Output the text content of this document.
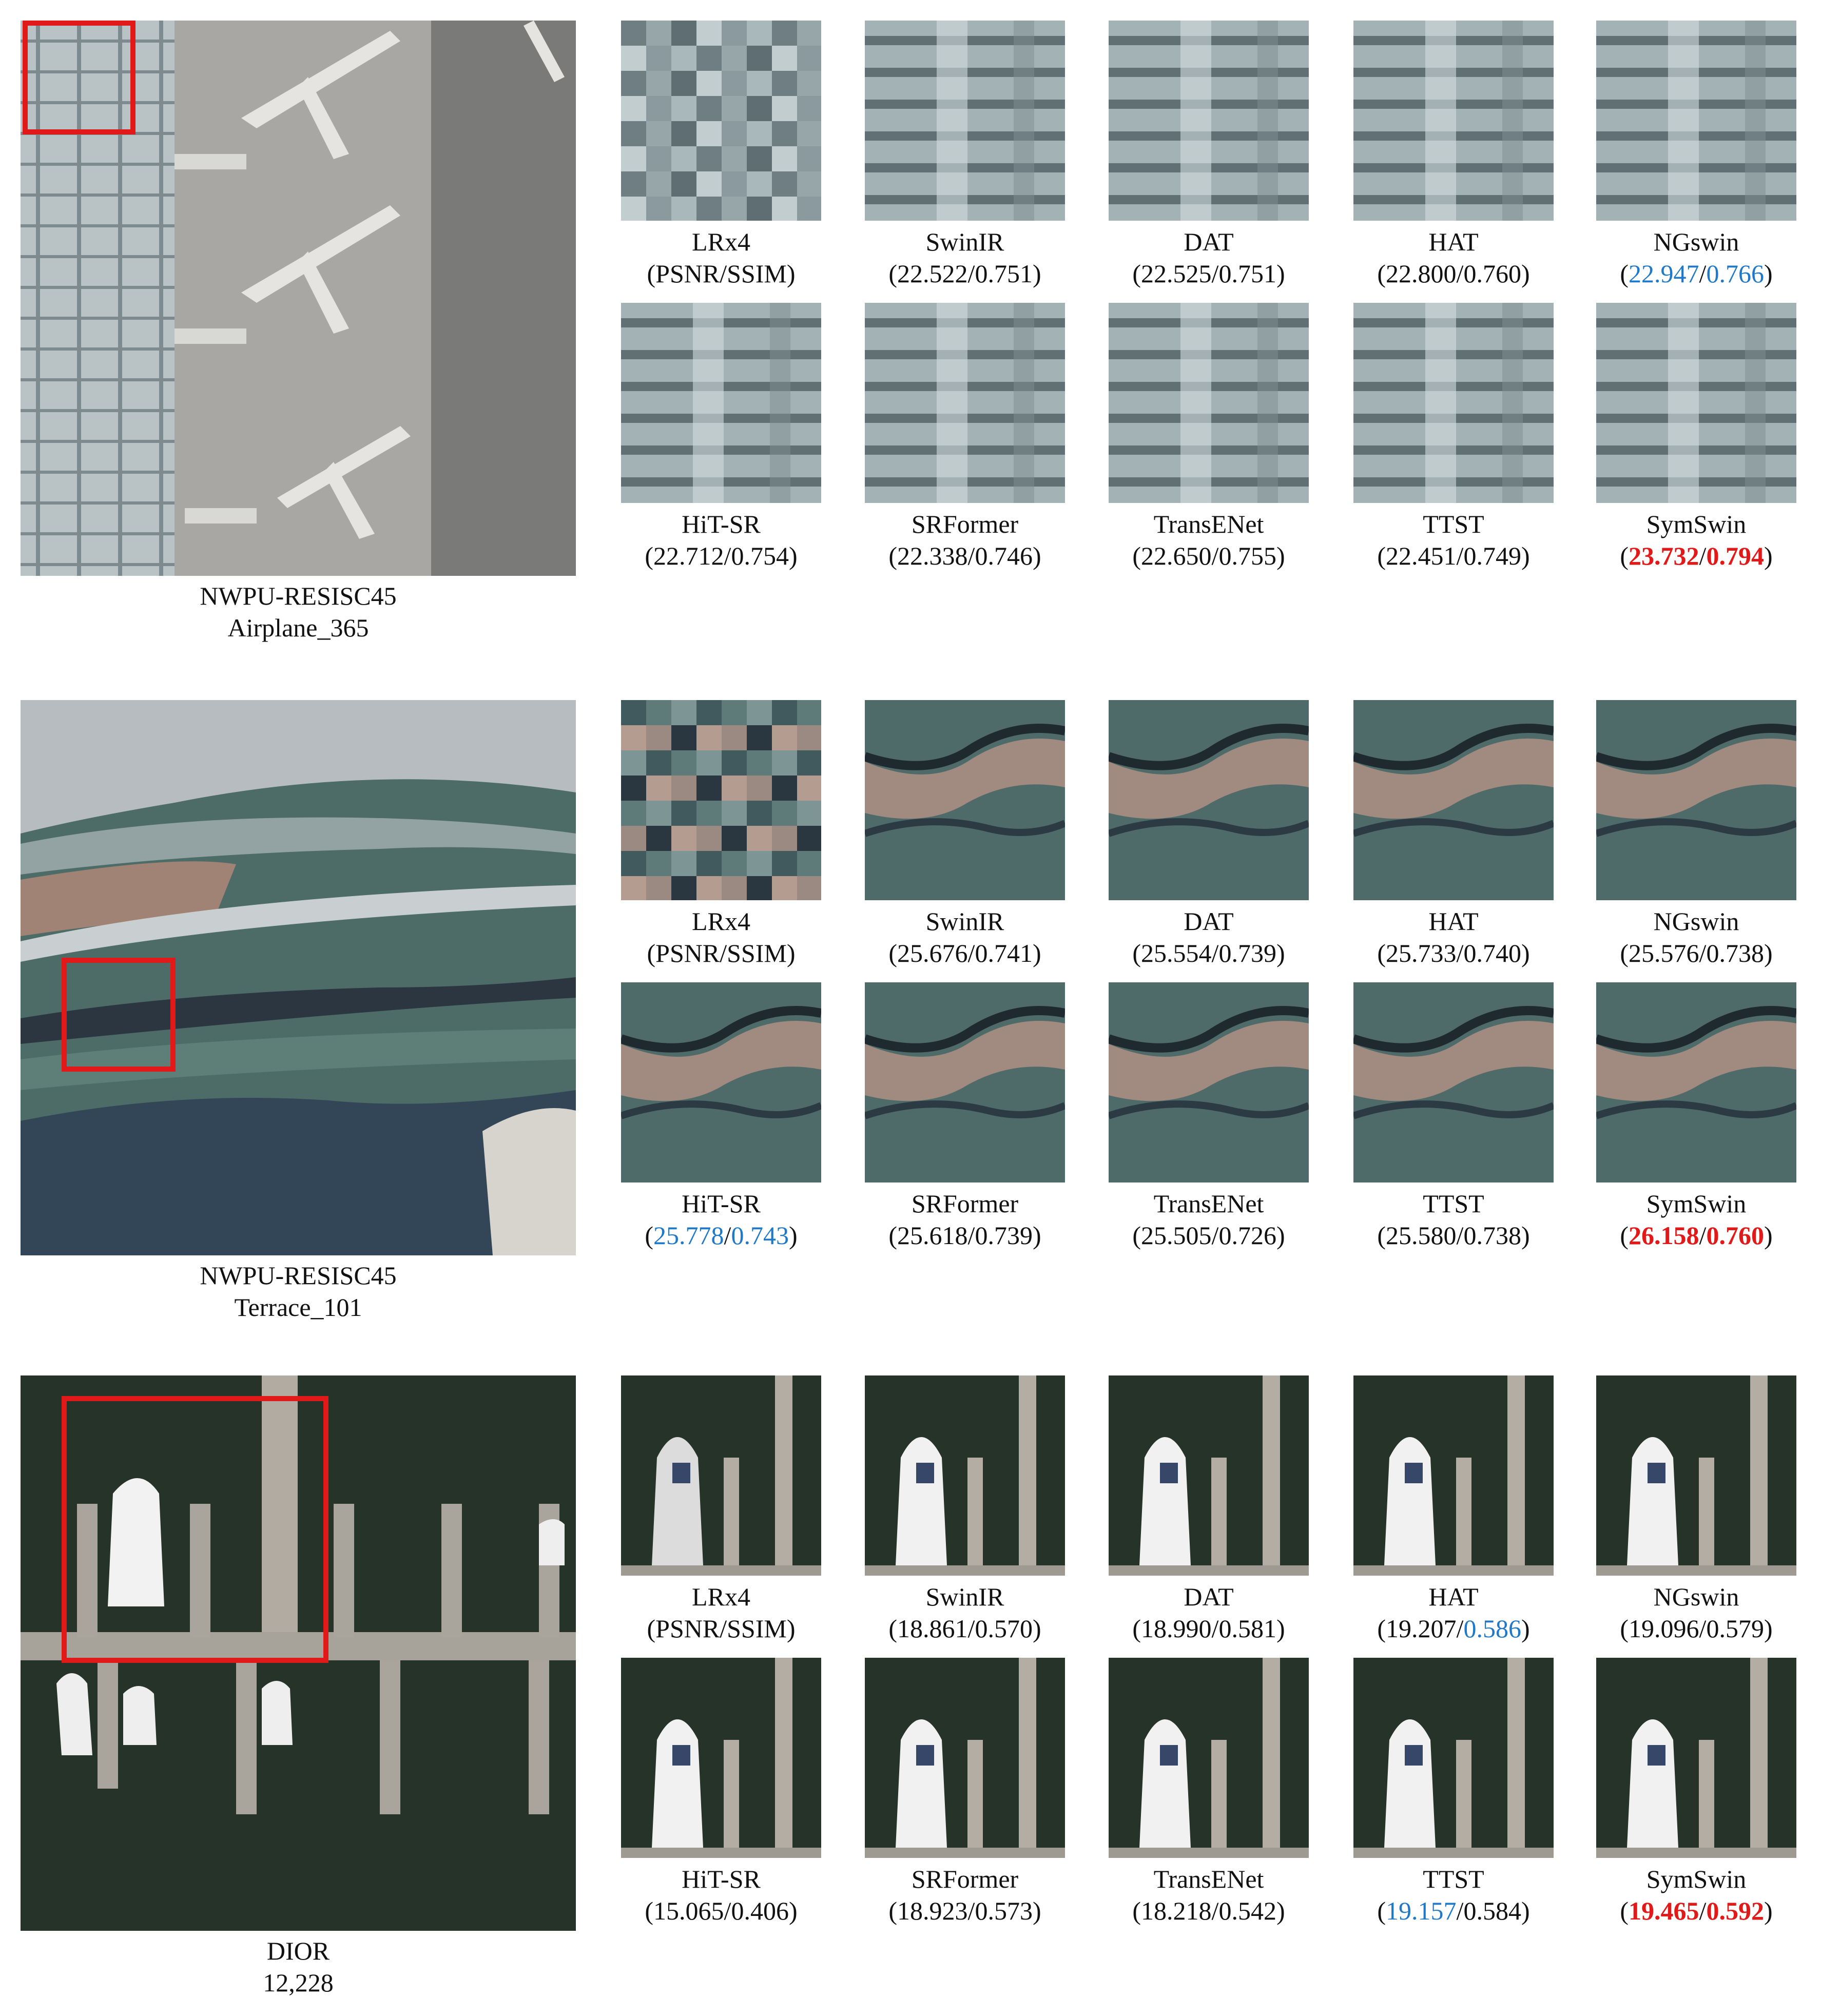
NWPU-RESISC45
Airplane_365
NWPU-RESISC45
Terrace_101
DIOR
12,228
LRx4
(PSNR/SSIM)
SwinIR
(22.522/0.751)
DAT
(22.525/0.751)
HAT
(22.800/0.760)
NGswin
(22.947/0.766)
HiT-SR
(22.712/0.754)
SRFormer
(22.338/0.746)
TransENet
(22.650/0.755)
TTST
(22.451/0.749)
SymSwin
(23.732/0.794)
LRx4
(PSNR/SSIM)
SwinIR
(25.676/0.741)
DAT
(25.554/0.739)
HAT
(25.733/0.740)
NGswin
(25.576/0.738)
HiT-SR
(25.778/0.743)
SRFormer
(25.618/0.739)
TransENet
(25.505/0.726)
TTST
(25.580/0.738)
SymSwin
(26.158/0.760)
LRx4
(PSNR/SSIM)
SwinIR
(18.861/0.570)
DAT
(18.990/0.581)
HAT
(19.207/0.586)
NGswin
(19.096/0.579)
HiT-SR
(15.065/0.406)
SRFormer
(18.923/0.573)
TransENet
(18.218/0.542)
TTST
(19.157/0.584)
SymSwin
(19.465/0.592)
